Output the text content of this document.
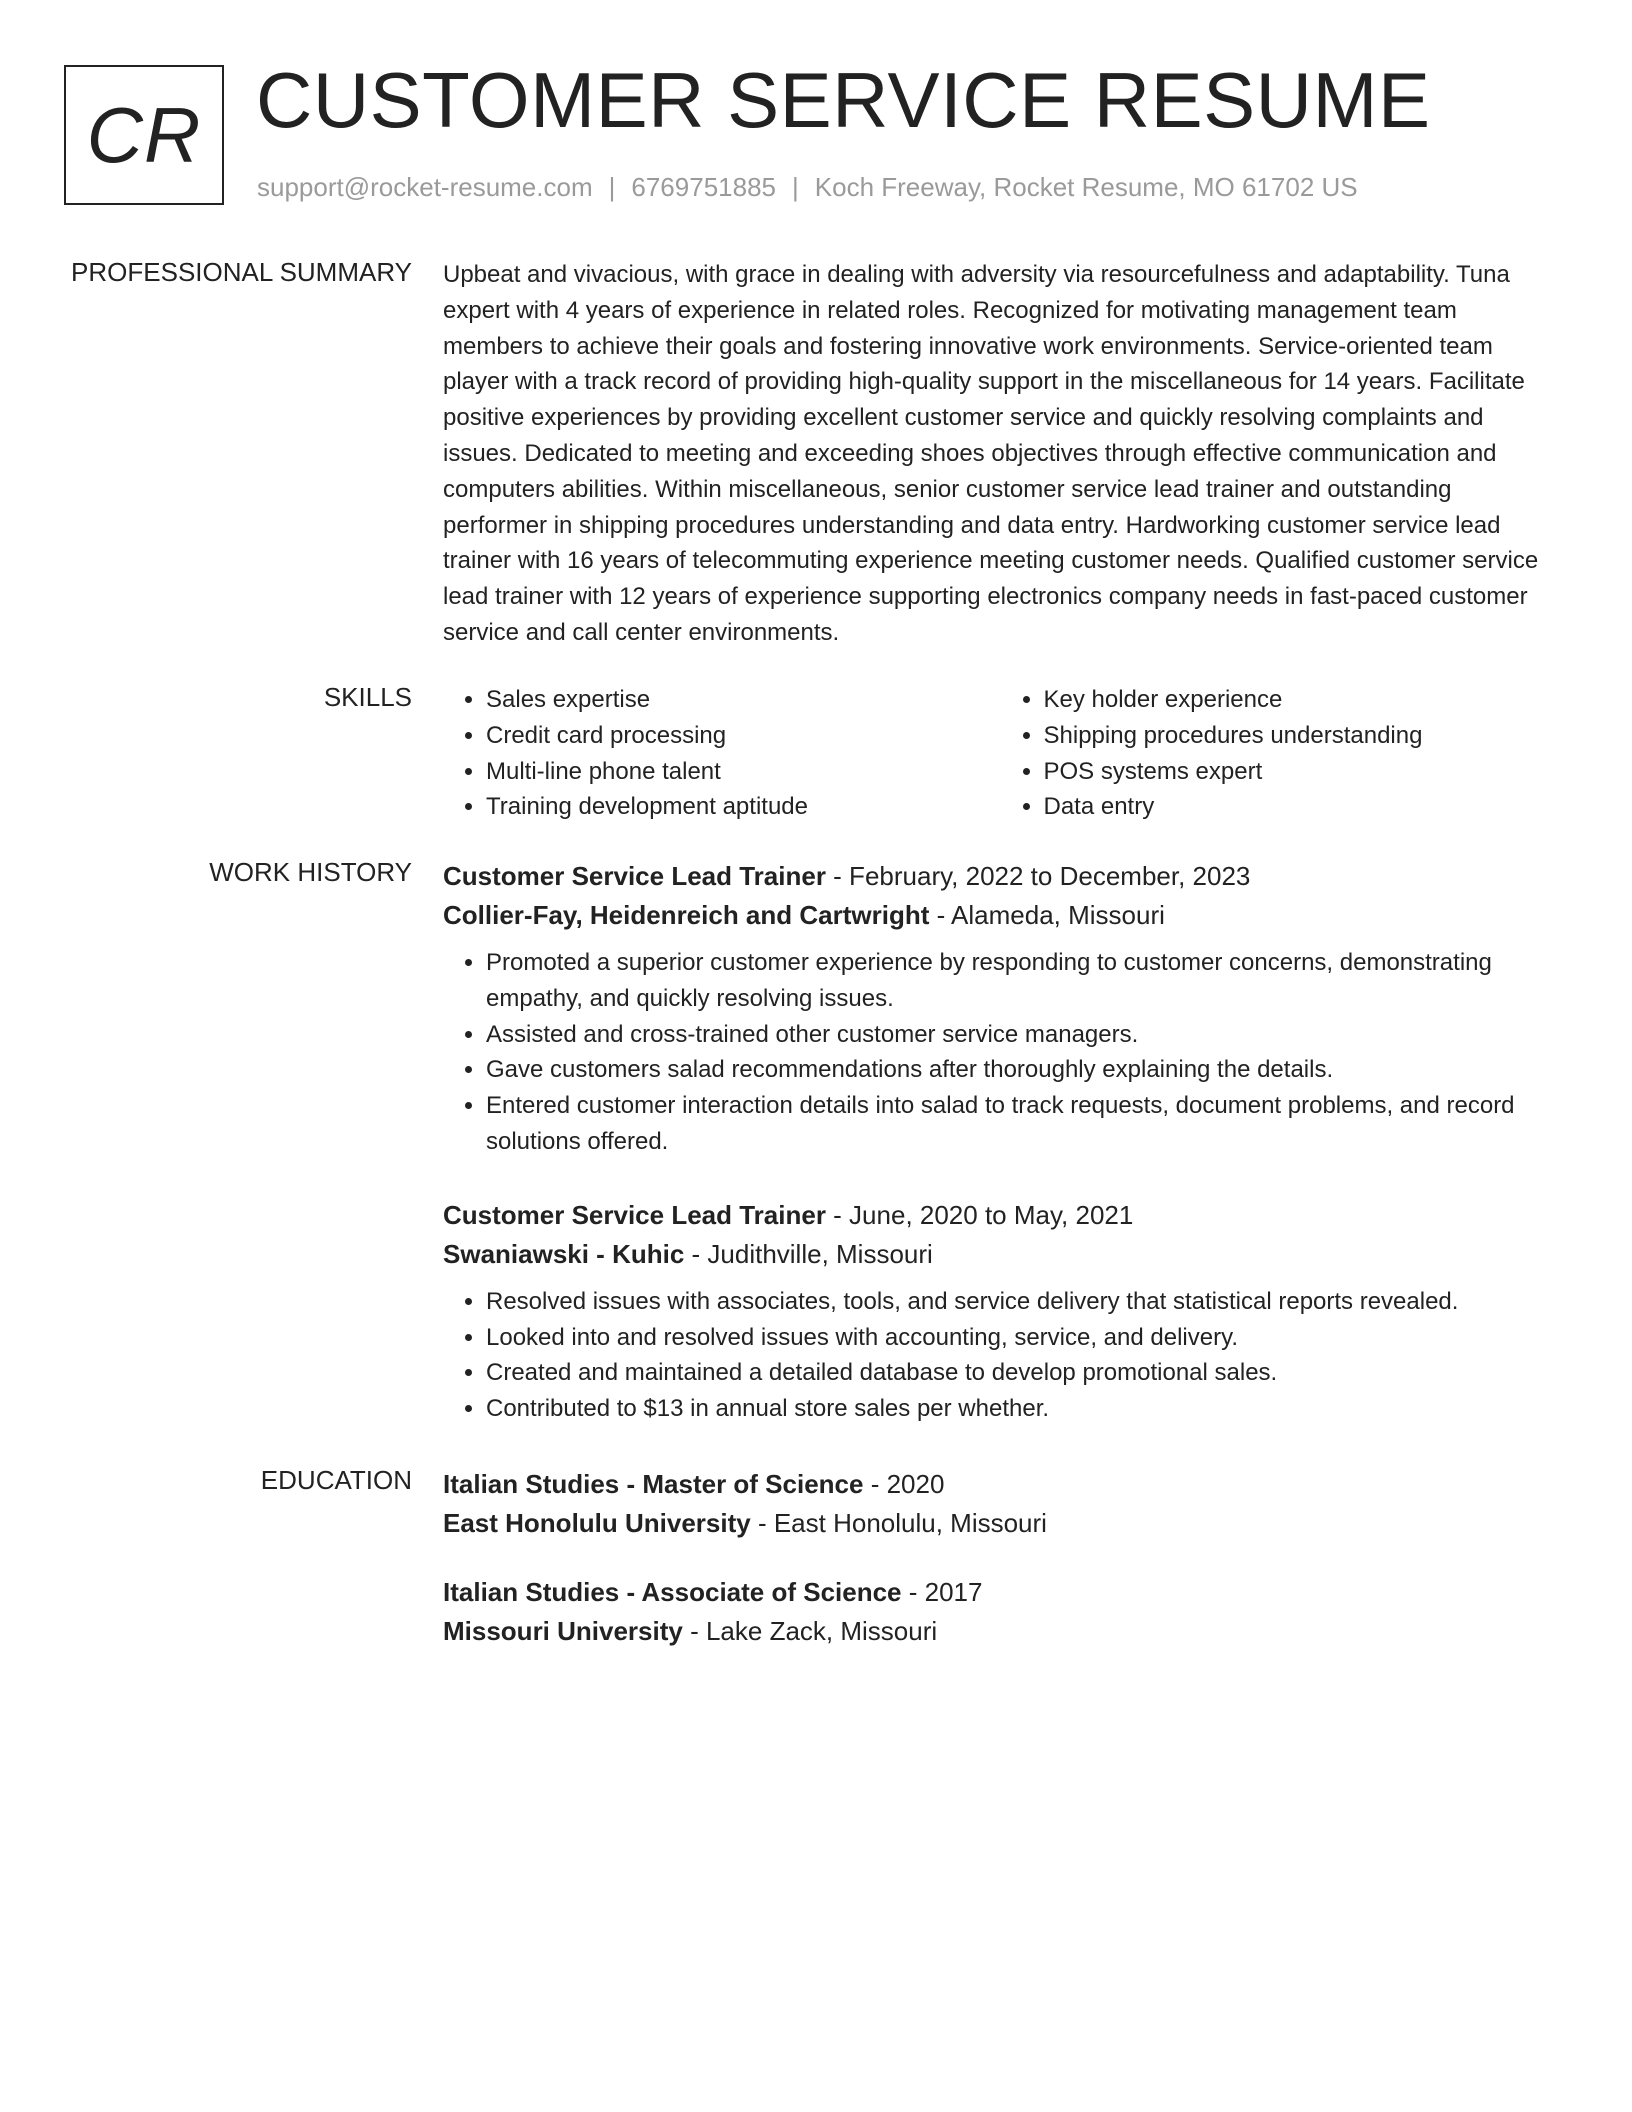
CR CUSTOMER SERVICE RESUME
support@rocket-resume.com | 6769751885 | Koch Freeway, Rocket Resume, MO 61702 US
PROFESSIONAL SUMMARY Upbeat and vivacious, with grace in dealing with adversity via resourcefulness and adaptability. Tuna expert with 4 years of experience in related roles. Recognized for motivating management team members to achieve their goals and fostering innovative work environments. Service-oriented team player with a track record of providing high-quality support in the miscellaneous for 14 years. Facilitate positive experiences by providing excellent customer service and quickly resolving complaints and issues. Dedicated to meeting and exceeding shoes objectives through effective communication and computers abilities. Within miscellaneous, senior customer service lead trainer and outstanding performer in shipping procedures understanding and data entry. Hardworking customer service lead trainer with 16 years of telecommuting experience meeting customer needs. Qualified customer service lead trainer with 12 years of experience supporting electronics company needs in fast-paced customer service and call center environments.
SKILLS
•	Sales expertise
• Credit card processing
• Multi-line phone talent
• Training development aptitude
• Key holder experience
• Shipping procedures understanding
• POS systems expert
• Data entry
WORK HISTORY Customer Service Lead Trainer - February, 2022 to December, 2023
Collier-Fay, Heidenreich and Cartwright - Alameda, Missouri
• Promoted a superior customer experience by responding to customer concerns, demonstrating empathy, and quickly resolving issues.
• Assisted and cross-trained other customer service managers.
• Gave customers salad recommendations after thoroughly explaining the details.
• Entered customer interaction details into salad to track requests, document problems, and record solutions offered.
Customer Service Lead Trainer - June, 2020 to May, 2021
Swaniawski - Kuhic - Judithville, Missouri
• Resolved issues with associates, tools, and service delivery that statistical reports revealed.
• Looked into and resolved issues with accounting, service, and delivery.
• Created and maintained a detailed database to develop promotional sales.
• Contributed to $13 in annual store sales per whether.
EDUCATION Italian Studies - Master of Science - 2020
East Honolulu University - East Honolulu, Missouri
Italian Studies - Associate of Science - 2017
Missouri University - Lake Zack, Missouri
